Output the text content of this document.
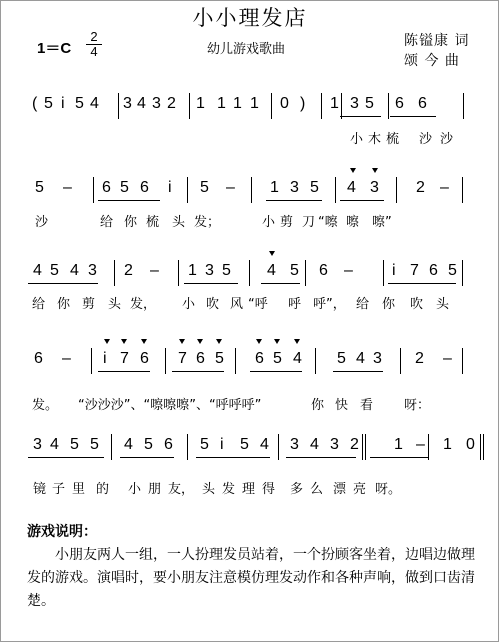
小小理发店
$1=C \frac{2}{4}$	幼儿游戏歌曲
陈镒康 词
颂 今 曲
( 5 i 5 4 3 4 3 2 1 1 1 1 0 ) 1 3 5 6 6
小 木 梳 沙 沙
5 – 6 5 6 i 5 – 1 3 5 4 3 2 –
沙	给 你 梳 头 发；	小 剪 刀 “嚓 嚓 嚓”
4 5 4 3 2 – 1 3 5 4 5 6 – i 7 6 5
给 你 剪 头 发， 小 吹 风 “呼 呼 呼”， 给 你 吹 头
6 – i 7 6 7 6 5 6 5 4 5 4 3 2 –
发。 “沙沙沙”、“嚓嚓嚓”、“呼呼呼”	你 快 看 呀：
3 4 5 5 4 5 6 5 i 5 4 3 4 3 2 1 – 1 0
镜 子 里 的 小 朋 友， 头 发 理 得 多 么 漂 亮 呀。
游戏说明：
小朋友两人一组，一人扮理发员站着，一个扮顾客坐着，边唱边做理发的游戏。演唱时，要小朋友注意模仿理发动作和各种声响，做到口齿清楚。
